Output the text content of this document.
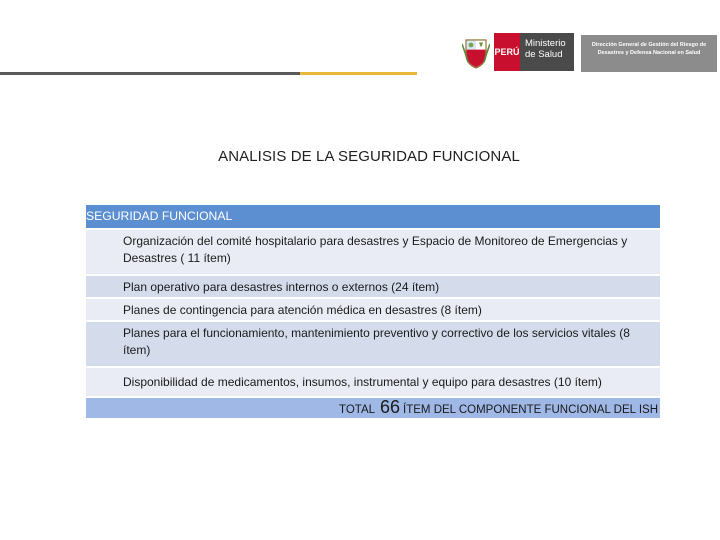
PERÚ
Ministerio
de Salud
Dirección General de Gestión del Riesgo de Desastres y Defensa Nacional en Salud
ANALISIS DE LA SEGURIDAD FUNCIONAL
SEGURIDAD FUNCIONAL
Organización del comité hospitalario para desastres y Espacio de Monitoreo de Emergencias y Desastres ( 11 ítem)
Plan operativo para desastres internos o externos (24 ítem)
Planes de contingencia para atención médica en desastres (8 ítem)
Planes para el funcionamiento, mantenimiento preventivo y correctivo de los servicios vitales (8 ítem)
Disponibilidad de medicamentos, insumos, instrumental y equipo para desastres (10 ítem)
TOTAL 66 ÍTEM DEL COMPONENTE FUNCIONAL DEL ISH
